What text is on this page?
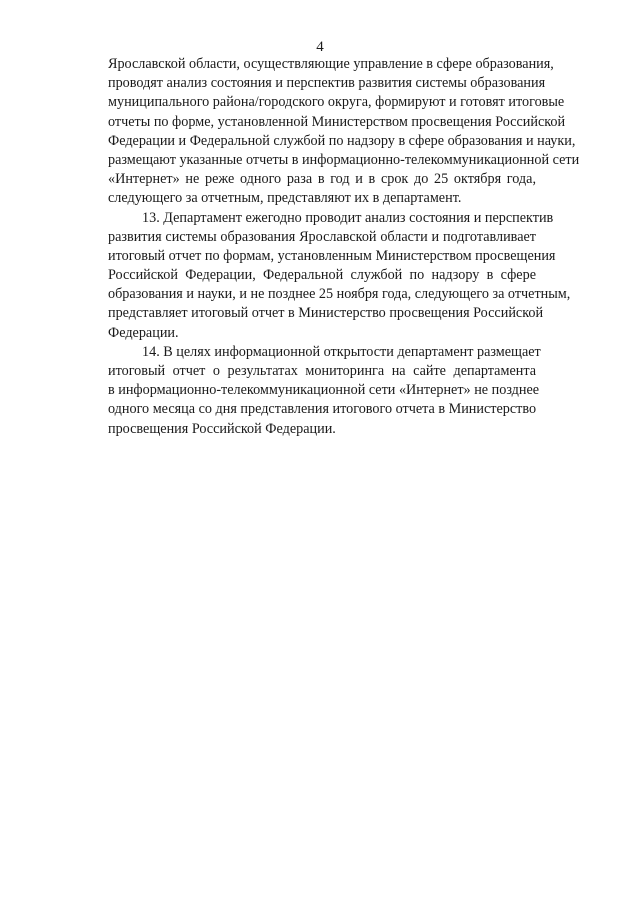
4

Ярославской области, осуществляющие управление в сфере образования,
проводят анализ состояния и перспектив развития системы образования
муниципального района/городского округа, формируют и готовят итоговые
отчеты по форме, установленной Министерством просвещения Российской
Федерации и Федеральной службой по надзору в сфере образования и науки,
размещают указанные отчеты в информационно-телекоммуникационной сети
«Интернет» не реже одного раза в год и в срок до 25 октября года,
следующего за отчетным, представляют их в департамент.

13. Департамент ежегодно проводит анализ состояния и перспектив
развития системы образования Ярославской области и подготавливает
итоговый отчет по формам, установленным Министерством просвещения
Российской Федерации, Федеральной службой по надзору в сфере
образования и науки, и не позднее 25 ноября года, следующего за отчетным,
представляет итоговый отчет в Министерство просвещения Российской
Федерации.

14. В целях информационной открытости департамент размещает
итоговый отчет о результатах мониторинга на сайте департамента
в информационно-телекоммуникационной сети «Интернет» не позднее
одного месяца со дня представления итогового отчета в Министерство
просвещения Российской Федерации.
